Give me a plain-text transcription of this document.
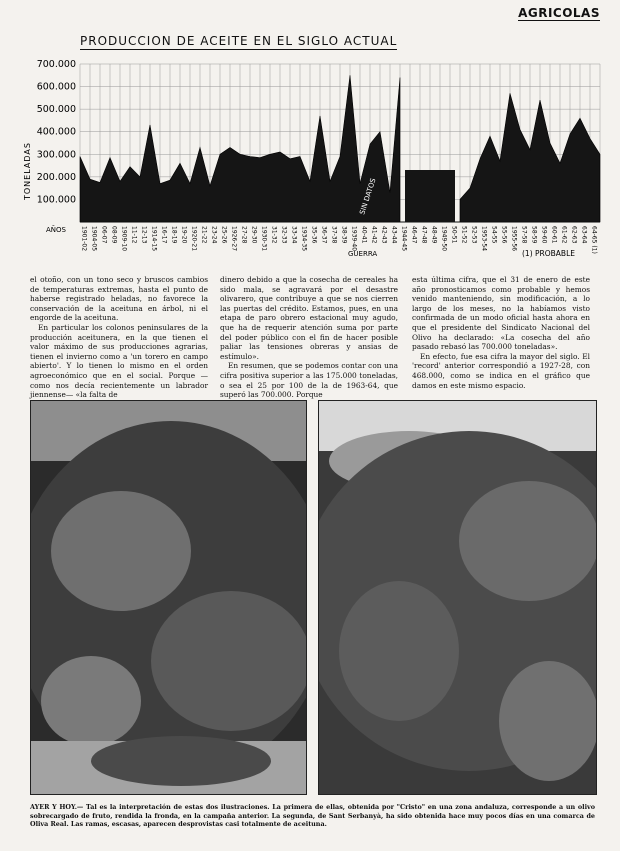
AGRICOLAS
PRODUCCION DE ACEITE EN EL SIGLO ACTUAL
TONELADAS
AÑOS
700.000
600.000
500.000
400.000
300.000
200.000
100.000
1901-02 1904-05 06-07 08-09 1909-10 11-12 12-13 1914-15 16-17 18-19 19-20 1920-21 21-22 23-24 25-26 1926-27 27-28 29-30 1930-31 31-32 32-33 33-34 1934-35 35-36 36-37 37-38 38-39 1939-40 40-41 41-42 42-43 43-44 1944-45 46-47 47-48 48-49 1949-50 50-51 51-52 52-53 1953-54 54-55 55-56 1955-56 57-58 58-59 59-60 60-61 61-62 62-63 63-64 64-65 (1)
SIN DATOS
GUERRA	(1) PROBABLE

el otoño, con un tono seco y bruscos cambios de temperaturas extremas, hasta el punto de haberse registrado heladas, no favorece la conservación de la aceituna en árbol, ni el engorde de la aceituna.

En particular los colonos peninsulares de la producción aceitunera, en la que tienen el valor máximo de sus producciones agrarias, tienen el invierno como a 'un torero en campo abierto'. Y lo tienen lo mismo en el orden agroeconómico que en el social. Porque —como nos decía recientemente un labrador jiennense— «la falta de

dinero debido a que la cosecha de cereales ha sido mala, se agravará por el desastre olivarero, que contribuye a que se nos cierren las puertas del crédito. Estamos, pues, en una etapa de paro obrero estacional muy agudo, que ha de requerir atención suma por parte del poder público con el fin de hacer posible paliar las tensiones obreras y ansias de estímulo».

En resumen, que se podemos contar con una cifra positiva superior a las 175.000 toneladas, o sea el 25 por 100 de la de 1963-64, que superó las 700.000. Porque

esta última cifra, que el 31 de enero de este año pronosticamos como probable y hemos venido manteniendo, sin modificación, a lo largo de los meses, no la habíamos visto confirmada de un modo oficial hasta ahora en que el presidente del Sindicato Nacional del Olivo ha declarado: «La cosecha del año pasado rebasó las 700.000 toneladas».

En efecto, fue esa cifra la mayor del siglo. El 'record' anterior correspondió a 1927-28, con 468.000, como se indica en el gráfico que damos en este mismo espacio.

AYER Y HOY.— Tal es la interpretación de estas dos ilustraciones. La primera de ellas, obtenida por "Cristo" en una zona andaluza, corresponde a un olivo sobrecargado de fruto, rendida la fronda, en la campaña anterior. La segunda, de Sant Serbanyà, ha sido obtenida hace muy pocos días en una comarca de Oliva Real. Las ramas, escasas, aparecen desprovistas casi totalmente de aceituna.
